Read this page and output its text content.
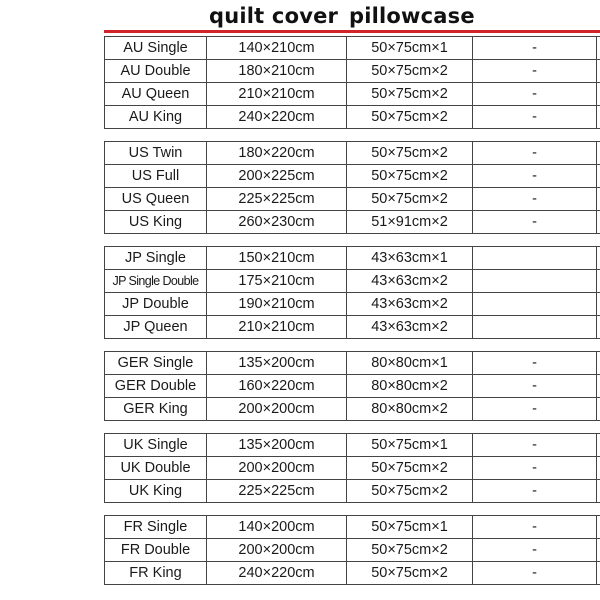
quilt cover pillowcase
AU Single	140×210cm	50×75cm×1	-
AU Double	180×210cm	50×75cm×2	-
AU Queen	210×210cm	50×75cm×2	-
AU King	240×220cm	50×75cm×2	-
US Twin	180×220cm	50×75cm×2	-
US Full	200×225cm	50×75cm×2	-
US Queen	225×225cm	50×75cm×2	-
US King	260×230cm	51×91cm×2	-
JP Single	150×210cm	43×63cm×1
JP Single Double	175×210cm	43×63cm×2
JP Double	190×210cm	43×63cm×2
JP Queen	210×210cm	43×63cm×2
GER Single	135×200cm	80×80cm×1	-
GER Double	160×220cm	80×80cm×2	-
GER King	200×200cm	80×80cm×2	-
UK Single	135×200cm	50×75cm×1	-
UK Double	200×200cm	50×75cm×2	-
UK King	225×225cm	50×75cm×2	-
FR Single	140×200cm	50×75cm×1	-
FR Double	200×200cm	50×75cm×2	-
FR King	240×220cm	50×75cm×2	-
